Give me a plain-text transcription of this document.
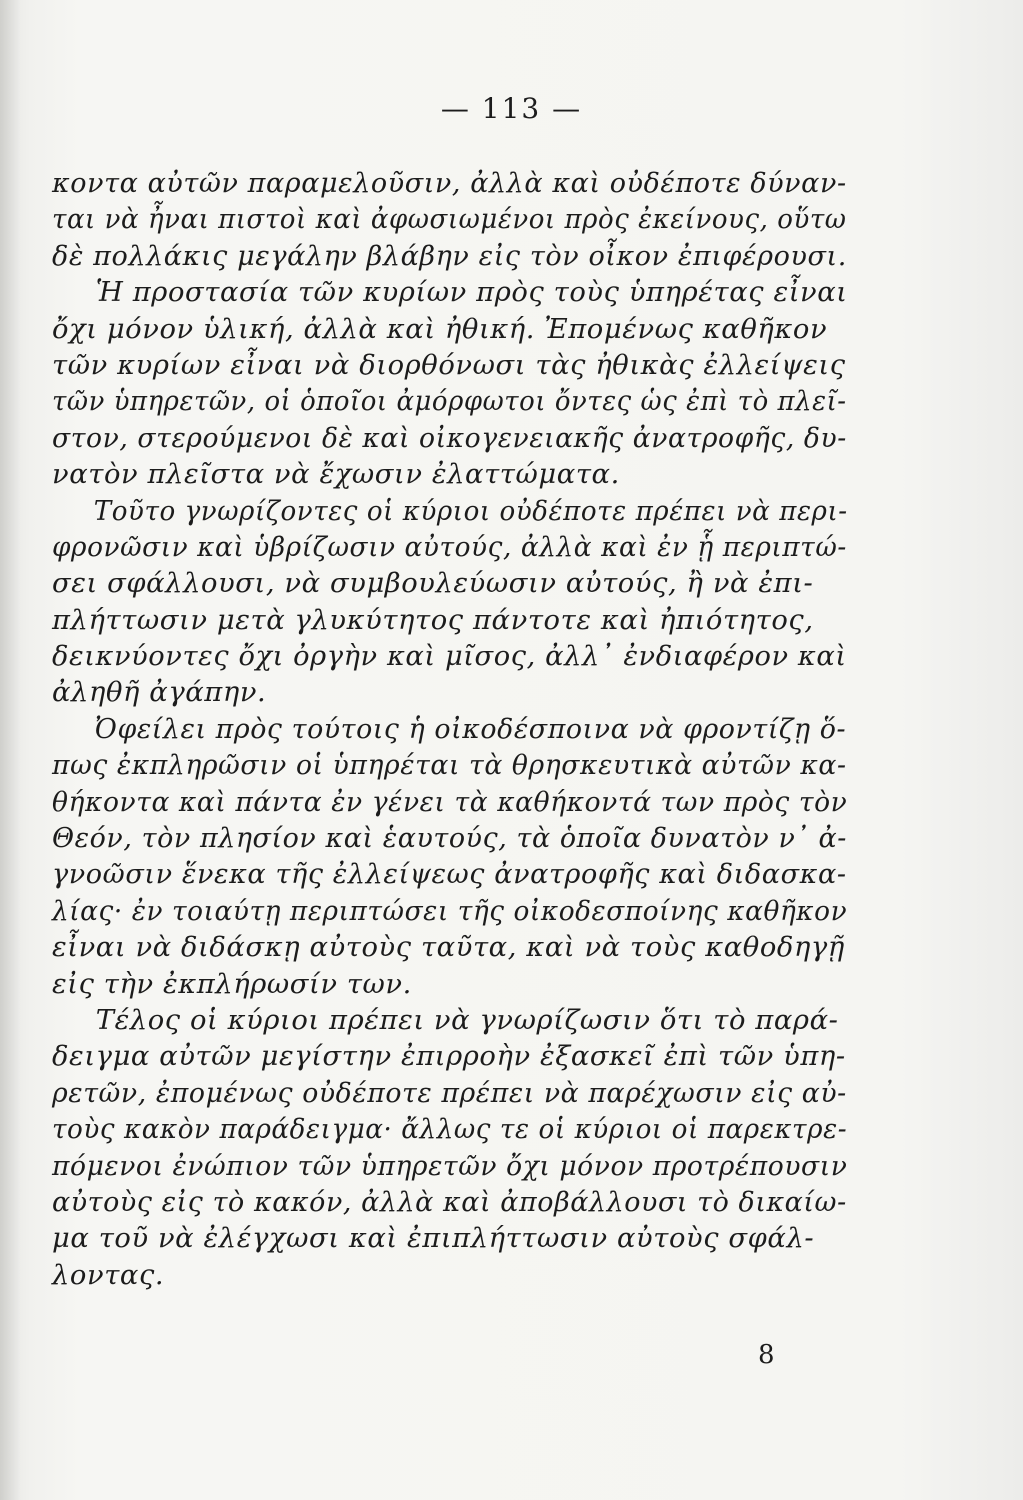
— 113 —
κοντα αὐτῶν παραμελοῦσιν, ἀλλὰ καὶ οὐδέποτε δύναν-
ται νὰ ἦναι πιστοὶ καὶ ἀφωσιωμένοι πρὸς ἐκείνους, οὕτω
δὲ πολλάκις μεγάλην βλάβην εἰς τὸν οἶκον ἐπιφέρουσι.
Ἡ προστασία τῶν κυρίων πρὸς τοὺς ὑπηρέτας εἶναι
ὄχι μόνον ὑλική, ἀλλὰ καὶ ἠθική. Ἐπομένως καθῆκον
τῶν κυρίων εἶναι νὰ διορθόνωσι τὰς ἠθικὰς ἐλλείψεις
τῶν ὑπηρετῶν, οἱ ὁποῖοι ἀμόρφωτοι ὄντες ὡς ἐπὶ τὸ πλεῖ-
στον, στερούμενοι δὲ καὶ οἰκογενειακῆς ἀνατροφῆς, δυ-
νατὸν πλεῖστα νὰ ἔχωσιν ἐλαττώματα.
Τοῦτο γνωρίζοντες οἱ κύριοι οὐδέποτε πρέπει νὰ περι-
φρονῶσιν καὶ ὑβρίζωσιν αὐτούς, ἀλλὰ καὶ ἐν ᾗ περιπτώ-
σει σφάλλουσι, νὰ συμβουλεύωσιν αὐτούς, ἢ νὰ ἐπι-
πλήττωσιν μετὰ γλυκύτητος πάντοτε καὶ ἠπιότητος,
δεικνύοντες ὄχι ὀργὴν καὶ μῖσος, ἀλλ᾽ ἐνδιαφέρον καὶ
ἀληθῆ ἀγάπην.
Ὀφείλει πρὸς τούτοις ἡ οἰκοδέσποινα νὰ φροντίζῃ ὅ-
πως ἐκπληρῶσιν οἱ ὑπηρέται τὰ θρησκευτικὰ αὐτῶν κα-
θήκοντα καὶ πάντα ἐν γένει τὰ καθήκοντά των πρὸς τὸν
Θεόν, τὸν πλησίον καὶ ἑαυτούς, τὰ ὁποῖα δυνατὸν ν᾽ ἀ-
γνοῶσιν ἕνεκα τῆς ἐλλείψεως ἀνατροφῆς καὶ διδασκα-
λίας· ἐν τοιαύτῃ περιπτώσει τῆς οἰκοδεσποίνης καθῆκον
εἶναι νὰ διδάσκῃ αὐτοὺς ταῦτα, καὶ νὰ τοὺς καθοδηγῇ
εἰς τὴν ἐκπλήρωσίν των.
Τέλος οἱ κύριοι πρέπει νὰ γνωρίζωσιν ὅτι τὸ παρά-
δειγμα αὐτῶν μεγίστην ἐπιρροὴν ἐξασκεῖ ἐπὶ τῶν ὑπη-
ρετῶν, ἐπομένως οὐδέποτε πρέπει νὰ παρέχωσιν εἰς αὐ-
τοὺς κακὸν παράδειγμα· ἄλλως τε οἱ κύριοι οἱ παρεκτρε-
πόμενοι ἐνώπιον τῶν ὑπηρετῶν ὄχι μόνον προτρέπουσιν
αὐτοὺς εἰς τὸ κακόν, ἀλλὰ καὶ ἀποβάλλουσι τὸ δικαίω-
μα τοῦ νὰ ἐλέγχωσι καὶ ἐπιπλήττωσιν αὐτοὺς σφάλ-
λοντας.
8
